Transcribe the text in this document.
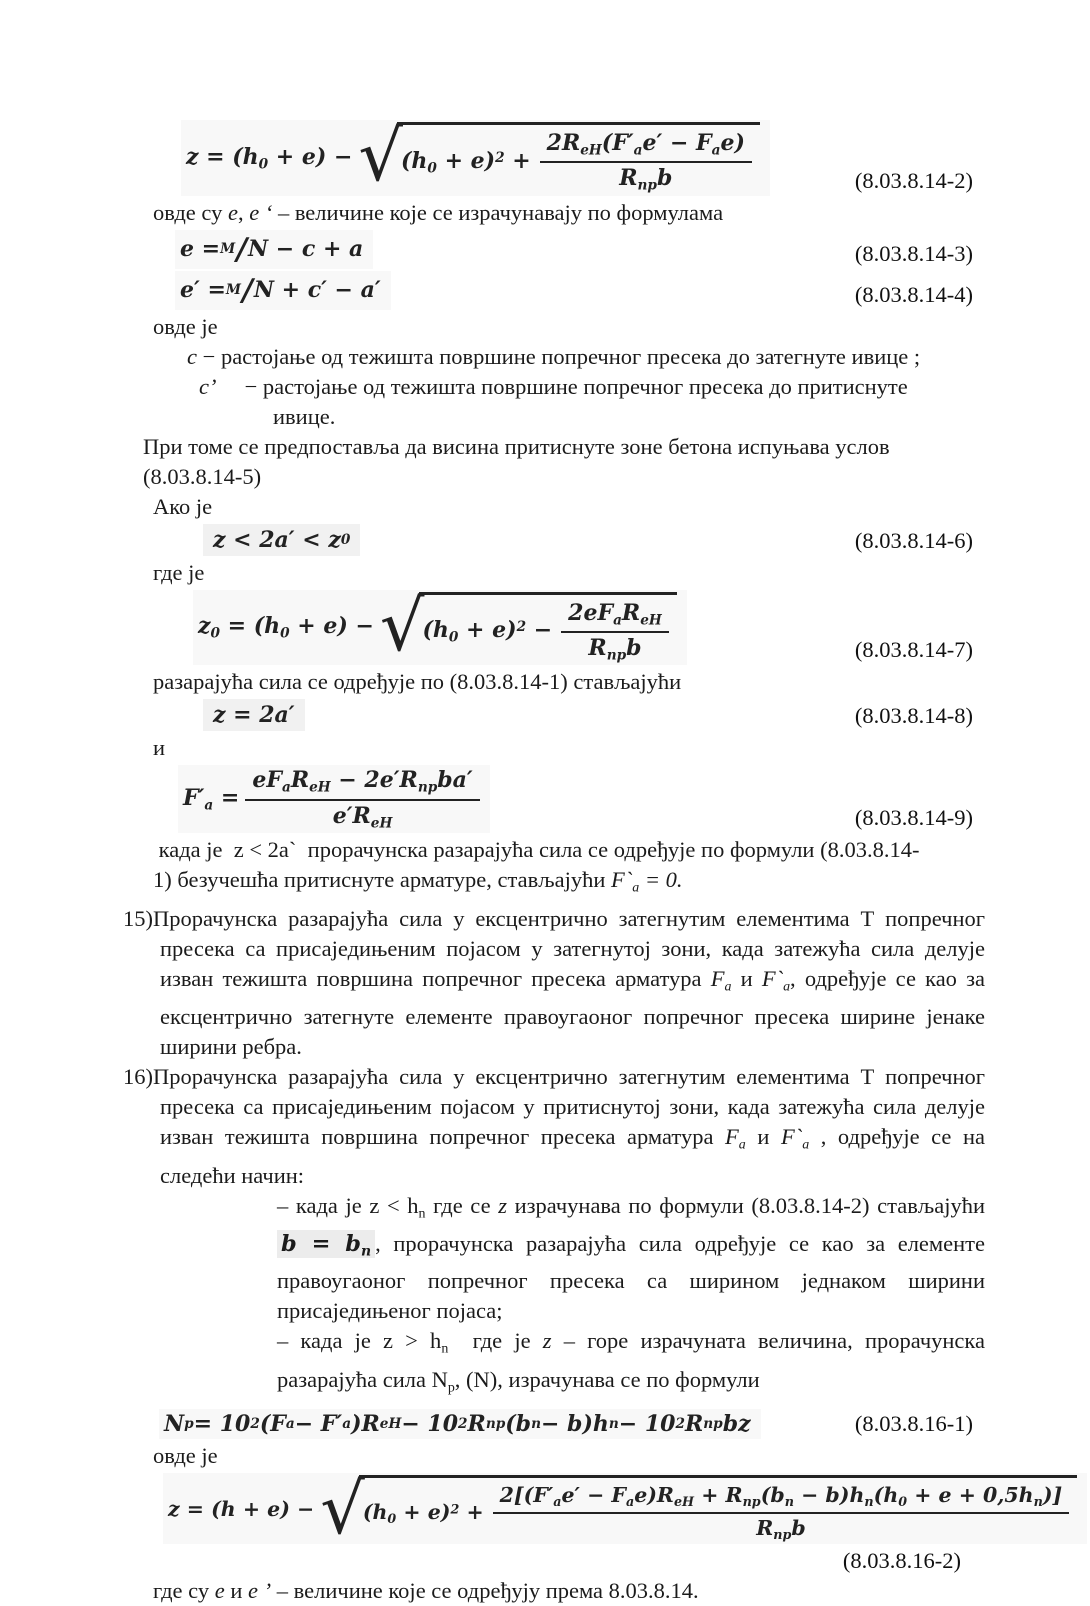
$z = (h_0 + e)$ − √
$(h_0 + e)^2 + \frac{2R_{еН}(F'_ae' - F_ae)}{R_{пр}b}$	(8.03.8.14-2)
овде су e, e ʻ – величине које се израчунавају по формулама
e = M / N − c + a	(8.03.8.14-3)
e′ = M / N + c′ − a′	(8.03.8.14-4)
овде је
c − растојање од тежишта површине попречног пресека до затегнуте ивице ;
c’     − растојање од тежишта површине попречног пресека до притиснуте
ивице.
При томе се предпоставља да висина притиснуте зоне бетона испуњава услов
(8.03.8.14-5)
Ако је
z < 2a′ < z 0	(8.03.8.14-6)
где је
$z_0 = (h_0 + e)$ − √
$(h_0 + e)^2 - \frac{2eF_aR_{еН}}{R_{пр}b}$	(8.03.8.14-7)
разарајућа сила се одређује по (8.03.8.14-1) стављајући
z = 2a′	(8.03.8.14-8)
и
$F'_a = \frac{eF_aR_{еН} - 2e'R_{пр}ba'}{e'R_{еН}}$	(8.03.8.14-9)
када је  z < 2a`  прорачунска разарајућа сила се одређује по формули (8.03.8.14-
1) безучешћа притиснуте арматуре, стављајући $F`_a = 0$.
15)Прорачунска разарајућа сила у ексцентрично затегнутим елементима Т попречног
пресека са присаједињеним појасом у затегнутој зони, када затежућа сила делује
изван тежишта површина попречног пресека арматура $F_a$ и $F`_a$, одређује се као за
ексцентрично затегнуте елементе правоугаоног попречног пресека ширине јенаке
ширини ребра.
16)Прорачунска разарајућа сила у ексцентрично затегнутим елементима Т попречног
пресека са присаједињеним појасом у притиснутој зони, када затежућа сила делује
изван тежишта површина попречног пресека арматура $F_a$ и $F`_a$ , одређује се на
следећи начин:
– када је $z < h_n$ где се z израчунава по формули (8.03.8.14-2) стављајући
$b = b_п$ , прорачунска разарајућа сила одређује се као за елементе
правоугаоног попречног пресека са ширином једнаком ширини
присаједињеног појаса;
– када је $z > h_n$  где је z – горе израчуната величина, прорачунска
разарајућа сила $N_p$, (N), израчунава се по формули
N p = 10 2 (F a − F′ a )R еН − 10 2 R пр (b п − b)h п − 10 2 R пр bz	(8.03.8.16-1)
овде је
z = (h + e) − √
$(h_0 + e)^2 + \frac{2[(F'_ae' - F_ae)R_{еН} + R_{пр}(b_п - b)h_п(h_0 + e + 0,5h_п)]}{R_{пр}b}$
(8.03.8.16-2)
где су e и e ’ – величине које се одређују према 8.03.8.14.
